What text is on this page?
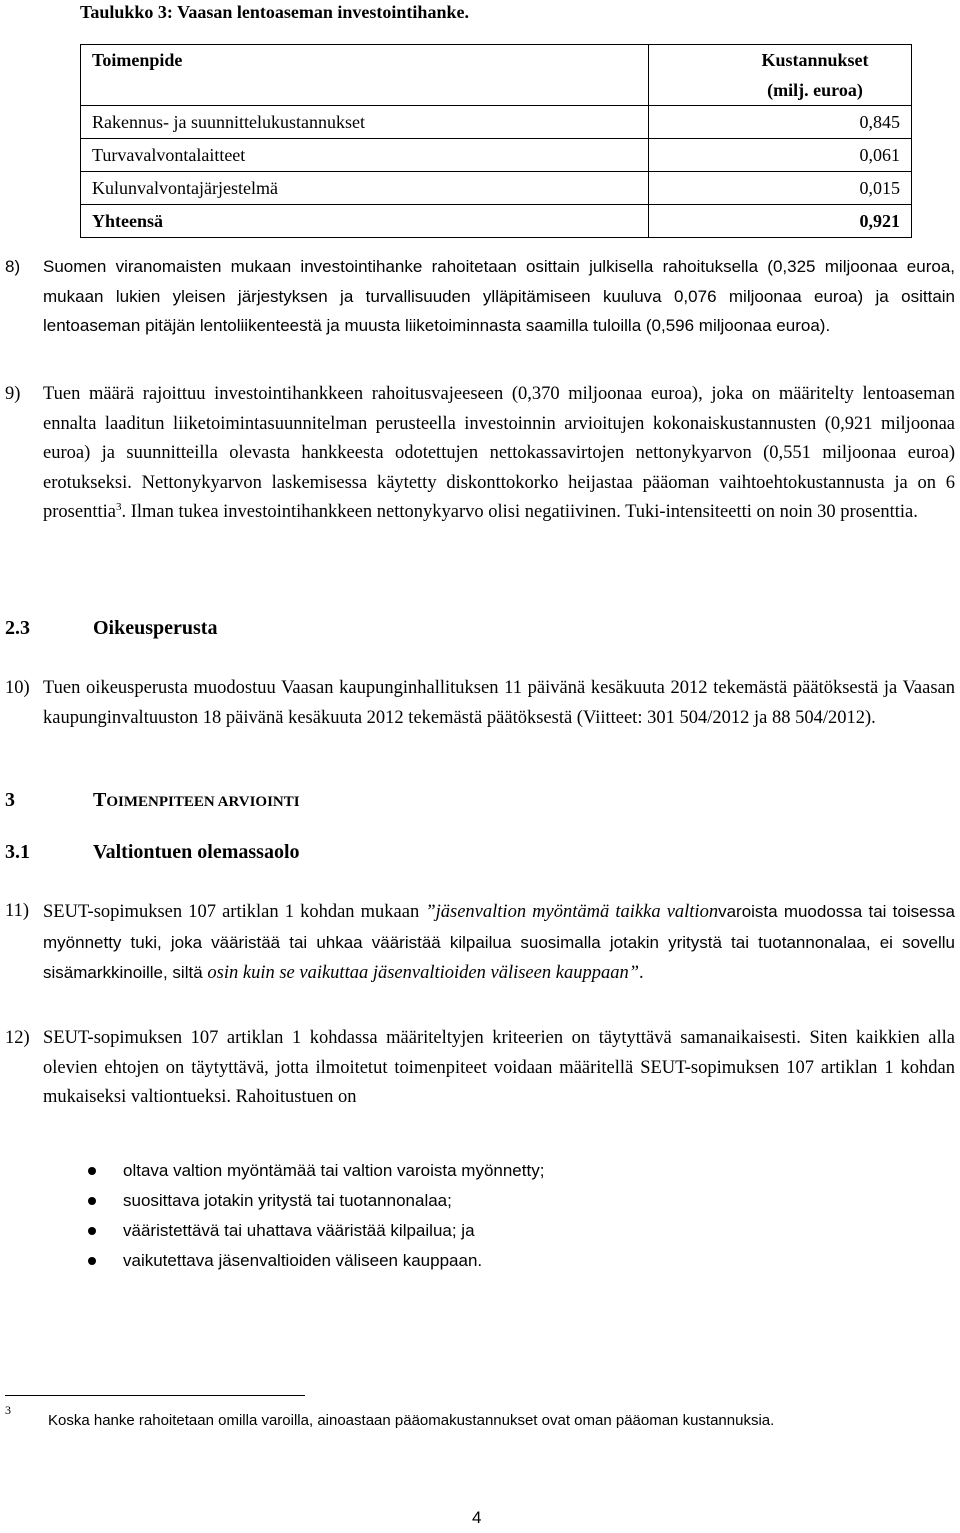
Taulukko 3: Vaasan lentoaseman investointihanke.
Toimenpide	Kustannukset (milj. euroa)
Rakennus- ja suunnittelukustannukset	0,845
Turvavalvontalaitteet	0,061
Kulunvalvontajärjestelmä	0,015
Yhteensä	0,921
8) Suomen viranomaisten mukaan investointihanke rahoitetaan osittain julkisella rahoituksella (0,325 miljoonaa euroa, mukaan lukien yleisen järjestyksen ja turvallisuuden ylläpitämiseen kuuluva 0,076 miljoonaa euroa) ja osittain lentoaseman pitäjän lentoliikenteestä ja muusta liiketoiminnasta saamilla tuloilla (0,596 miljoonaa euroa).
9) Tuen määrä rajoittuu investointihankkeen rahoitusvajeeseen (0,370 miljoonaa euroa), joka on määritelty lentoaseman ennalta laaditun liiketoimintasuunnitelman perusteella investoinnin arvioitujen kokonaiskustannusten (0,921 miljoonaa euroa) ja suunnitteilla olevasta hankkeesta odotettujen nettokassavirtojen nettonykyarvon (0,551 miljoonaa euroa) erotukseksi. Nettonykyarvon laskemisessa käytetty diskonttokorko heijastaa pääoman vaihtoehtokustannusta ja on 6 prosenttia$^3$. Ilman tukea investointihankkeen nettonykyarvo olisi negatiivinen. Tuki-intensiteetti on noin 30 prosenttia.
2.3	Oikeusperusta
10) Tuen oikeusperusta muodostuu Vaasan kaupunginhallituksen 11 päivänä kesäkuuta 2012 tekemästä päätöksestä ja Vaasan kaupunginvaltuuston 18 päivänä kesäkuuta 2012 tekemästä päätöksestä (Viitteet: 301 504/2012 ja 88 504/2012).
3	TOIMENPITEEN ARVIOINTI
3.1	Valtiontuen olemassaolo
11) SEUT-sopimuksen 107 artiklan 1 kohdan mukaan ”jäsenvaltion myöntämä taikka valtionvaroista muodossa tai toisessa myönnetty tuki, joka vääristää tai uhkaa vääristää kilpailua suosimalla jotakin yritystä tai tuotannonalaa, ei sovellu sisämarkkinoille, siltä osin kuin se vaikuttaa jäsenvaltioiden väliseen kauppaan”.
12) SEUT-sopimuksen 107 artiklan 1 kohdassa määriteltyjen kriteerien on täytyttävä samanaikaisesti. Siten kaikkien alla olevien ehtojen on täytyttävä, jotta ilmoitetut toimenpiteet voidaan määritellä SEUT-sopimuksen 107 artiklan 1 kohdan mukaiseksi valtiontueksi. Rahoitustuen on
oltava valtion myöntämää tai valtion varoista myönnetty;
suosittava jotakin yritystä tai tuotannonalaa;
vääristettävä tai uhattava vääristää kilpailua; ja
vaikutettava jäsenvaltioiden väliseen kauppaan.
3
Koska hanke rahoitetaan omilla varoilla, ainoastaan pääomakustannukset ovat oman pääoman kustannuksia.
4
